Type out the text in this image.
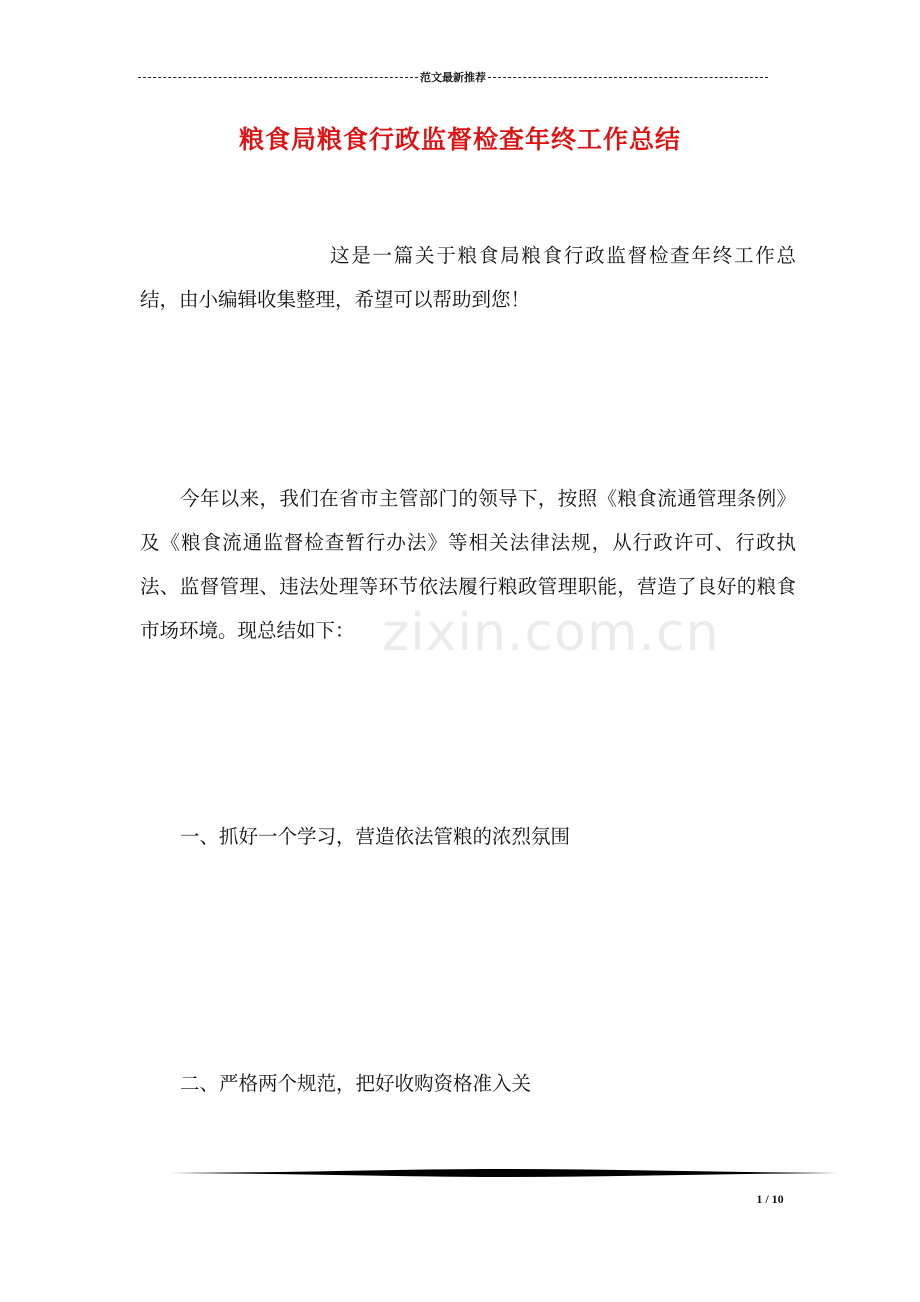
范文最新推荐
粮食局粮食行政监督检查年终工作总结

这是一篇关于粮食局粮食行政监督检查年终工作总结，由小编辑收集整理，希望可以帮助到您！

今年以来，我们在省市主管部门的领导下，按照《粮食流通管理条例》及《粮食流通监督检查暂行办法》等相关法律法规，从行政许可、行政执法、监督管理、违法处理等环节依法履行粮政管理职能，营造了良好的粮食市场环境。现总结如下： zixin.com.cn

一、抓好一个学习，营造依法管粮的浓烈氛围

二、严格两个规范，把好收购资格准入关

1 / 10
